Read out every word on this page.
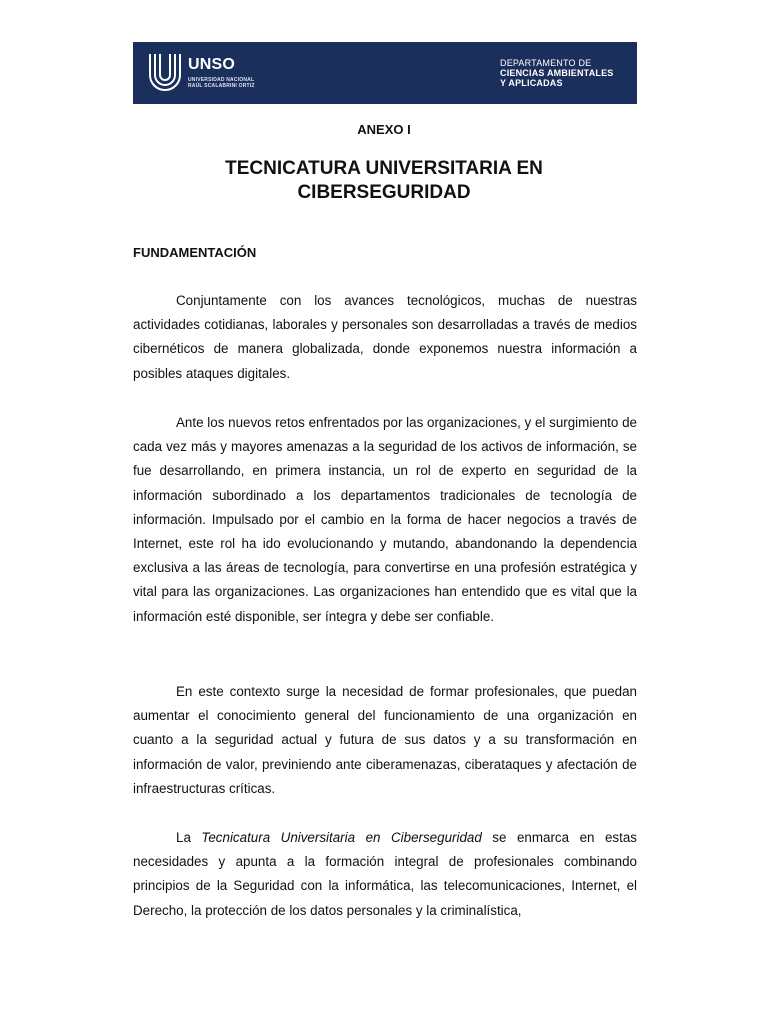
UNSO
UNIVERSIDAD NACIONAL
RAÚL SCALABRINI ORTIZ
DEPARTAMENTO DE
CIENCIAS AMBIENTALES
Y APLICADAS
ANEXO I
TECNICATURA UNIVERSITARIA EN
CIBERSEGURIDAD
FUNDAMENTACIÓN

Conjuntamente con los avances tecnológicos, muchas de nuestras actividades cotidianas, laborales y personales son desarrolladas a través de medios cibernéticos de manera globalizada, donde exponemos nuestra información a posibles ataques digitales.

Ante los nuevos retos enfrentados por las organizaciones, y el surgimiento de cada vez más y mayores amenazas a la seguridad de los activos de información, se fue desarrollando, en primera instancia, un rol de experto en seguridad de la información subordinado a los departamentos tradicionales de tecnología de información. Impulsado por el cambio en la forma de hacer negocios a través de Internet, este rol ha ido evolucionando y mutando, abandonando la dependencia exclusiva a las áreas de tecnología, para convertirse en una profesión estratégica y vital para las organizaciones. Las organizaciones han entendido que es vital que la información esté disponible, ser íntegra y debe ser confiable.

En este contexto surge la necesidad de formar profesionales, que puedan aumentar el conocimiento general del funcionamiento de una organización en cuanto a la seguridad actual y futura de sus datos y a su transformación en información de valor, previniendo ante ciberamenazas, ciberataques y afectación de infraestructuras críticas.

La Tecnicatura Universitaria en Ciberseguridad se enmarca en estas necesidades y apunta a la formación integral de profesionales combinando principios de la Seguridad con la informática, las telecomunicaciones, Internet, el Derecho, la protección de los datos personales y la criminalística,
